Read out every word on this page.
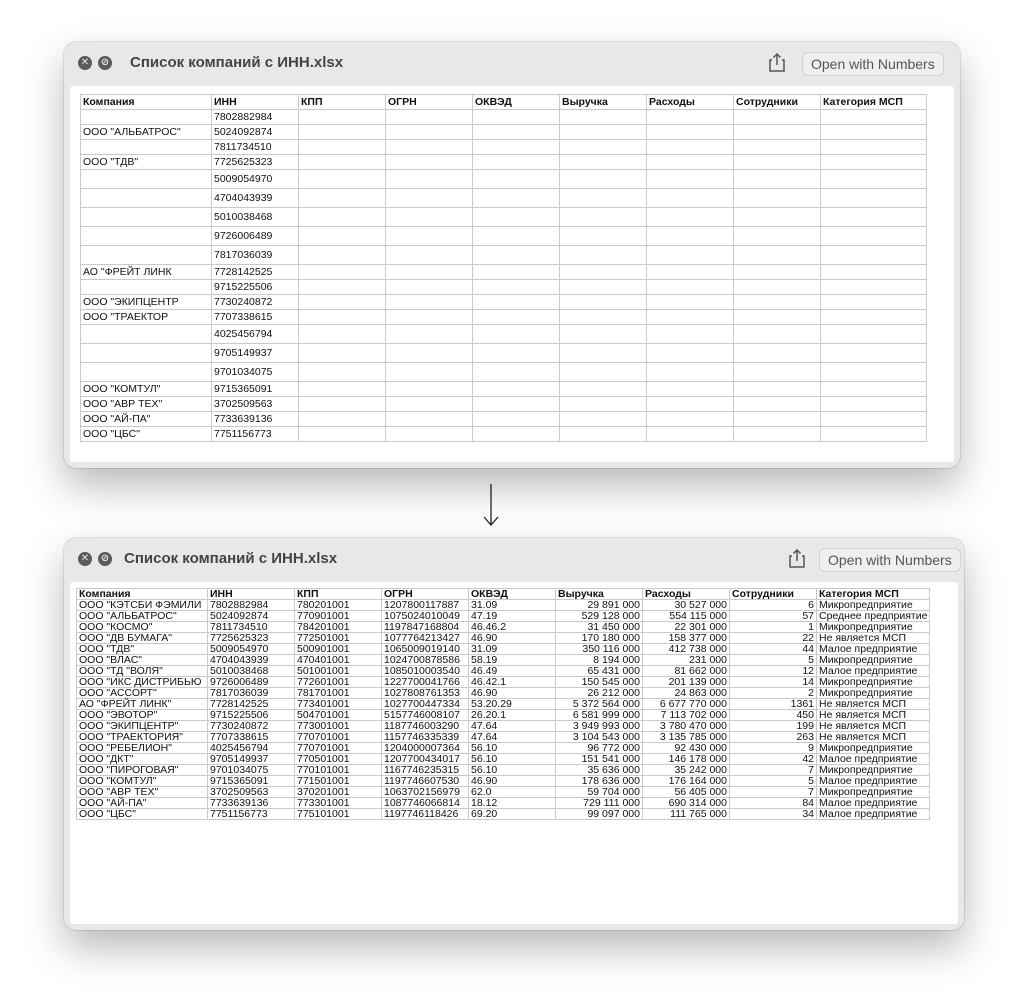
✕ ⊘ Список компаний с ИНН.xlsx	Open with Numbers
Компания	ИНН	КПП	ОГРН	ОКВЭД	Выручка	Расходы	Сотрудники	Категория МСП
	7802882984							
ООО "АЛЬБАТРОС"	5024092874							
	7811734510							
ООО "ТДВ"	7725625323							
	5009054970							
	4704043939							
	5010038468							
	9726006489							
	7817036039							
АО "ФРЕЙТ ЛИНК	7728142525							
	9715225506							
ООО "ЭКИПЦЕНТР	7730240872							
ООО "ТРАЕКТОР	7707338615							
	4025456794							
	9705149937							
	9701034075							
ООО "КОМТУЛ"	9715365091							
ООО "АВР ТЕХ"	3702509563							
ООО "АЙ-ПА"	7733639136							
ООО "ЦБС"	7751156773							
✕ ⊘ Список компаний с ИНН.xlsx	Open with Numbers
Компания	ИНН	КПП	ОГРН	ОКВЭД	Выручка	Расходы	Сотрудники	Категория МСП
ООО "КЭТСБИ ФЭМИЛИ	7802882984	780201001	1207800117887	31.09	29 891 000	30 527 000	6	Микропредприятие
ООО "АЛЬБАТРОС"	5024092874	770901001	1075024010049	47.19	529 128 000	554 115 000	57	Среднее предприятие
ООО "КОСМО"	7811734510	784201001	1197847168804	46.46.2	31 450 000	22 301 000	1	Микропредприятие
ООО "ДВ БУМАГА"	7725625323	772501001	1077764213427	46.90	170 180 000	158 377 000	22	Не является МСП
ООО "ТДВ"	5009054970	500901001	1065009019140	31.09	350 116 000	412 738 000	44	Малое предприятие
ООО "ВЛАС"	4704043939	470401001	1024700878586	58.19	8 194 000	231 000	5	Микропредприятие
ООО "ТД "ВОЛЯ"	5010038468	501001001	1085010003540	46.49	65 431 000	81 662 000	12	Малое предприятие
ООО "ИКС ДИСТРИБЬЮ	9726006489	772601001	1227700041766	46.42.1	150 545 000	201 139 000	14	Микропредприятие
ООО "АССОРТ"	7817036039	781701001	1027808761353	46.90	26 212 000	24 863 000	2	Микропредприятие
АО "ФРЕЙТ ЛИНК"	7728142525	773401001	1027700447334	53.20.29	5 372 564 000	6 677 770 000	1361	Не является МСП
ООО "ЭВОТОР"	9715225506	504701001	5157746008107	26.20.1	6 581 999 000	7 113 702 000	450	Не является МСП
ООО "ЭКИПЦЕНТР"	7730240872	773001001	1187746003290	47.64	3 949 993 000	3 780 470 000	199	Не является МСП
ООО "ТРАЕКТОРИЯ"	7707338615	770701001	1157746335339	47.64	3 104 543 000	3 135 785 000	263	Не является МСП
ООО "РЕБЕЛИОН"	4025456794	770701001	1204000007364	56.10	96 772 000	92 430 000	9	Микропредприятие
ООО "ДКТ"	9705149937	770501001	1207700434017	56.10	151 541 000	146 178 000	42	Малое предприятие
ООО "ПИРОГОВАЯ"	9701034075	770101001	1167746235315	56.10	35 636 000	35 242 000	7	Микропредприятие
ООО "КОМТУЛ"	9715365091	771501001	1197746607530	46.90	178 636 000	176 164 000	5	Малое предприятие
ООО "АВР ТЕХ"	3702509563	370201001	1063702156979	62.0	59 704 000	56 405 000	7	Микропредприятие
ООО "АЙ-ПА"	7733639136	773301001	1087746066814	18.12	729 111 000	690 314 000	84	Малое предприятие
ООО "ЦБС"	7751156773	775101001	1197746118426	69.20	99 097 000	111 765 000	34	Малое предприятие
